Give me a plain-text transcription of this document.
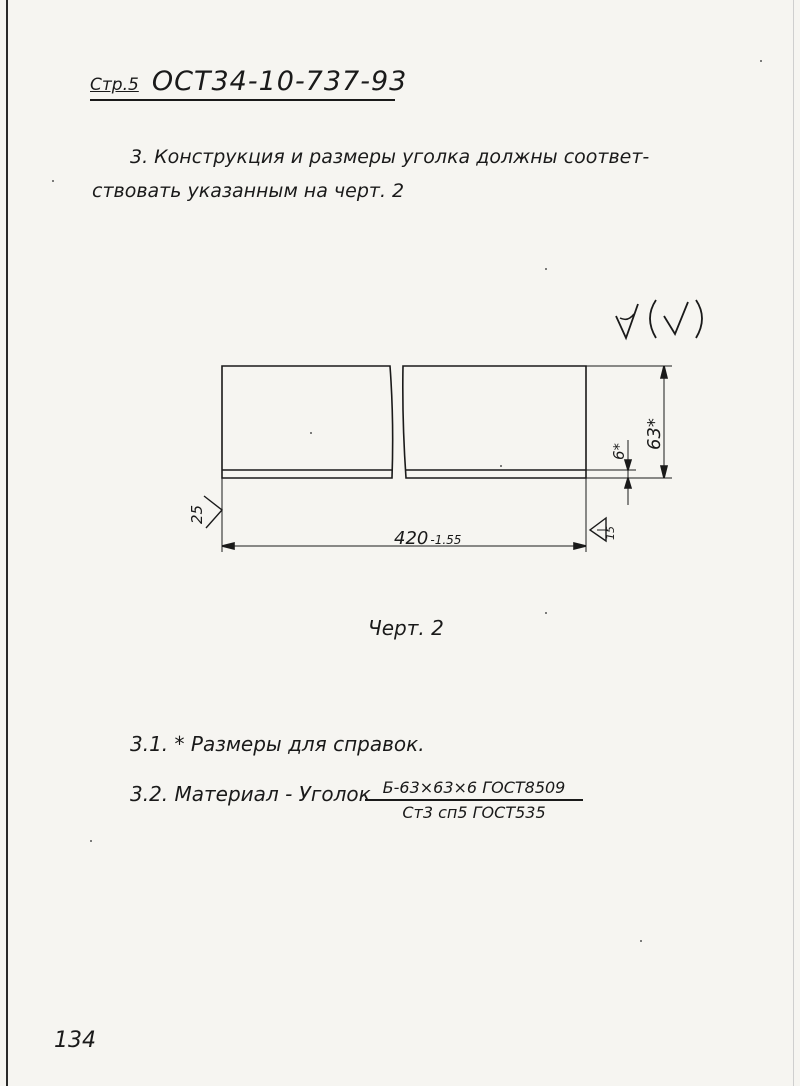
Стр.5 ОСТ34-10-737-93
3. Конструкция и размеры уголка должны соответ-
ствовать указанным на черт. 2
420 -1.55
63*
6*
25
15
Черт. 2
3.1. * Размеры для справок.
3.2. Материал - Уголок Б-63×63×6 ГОСТ8509
Ст3 сп5 ГОСТ535
134
